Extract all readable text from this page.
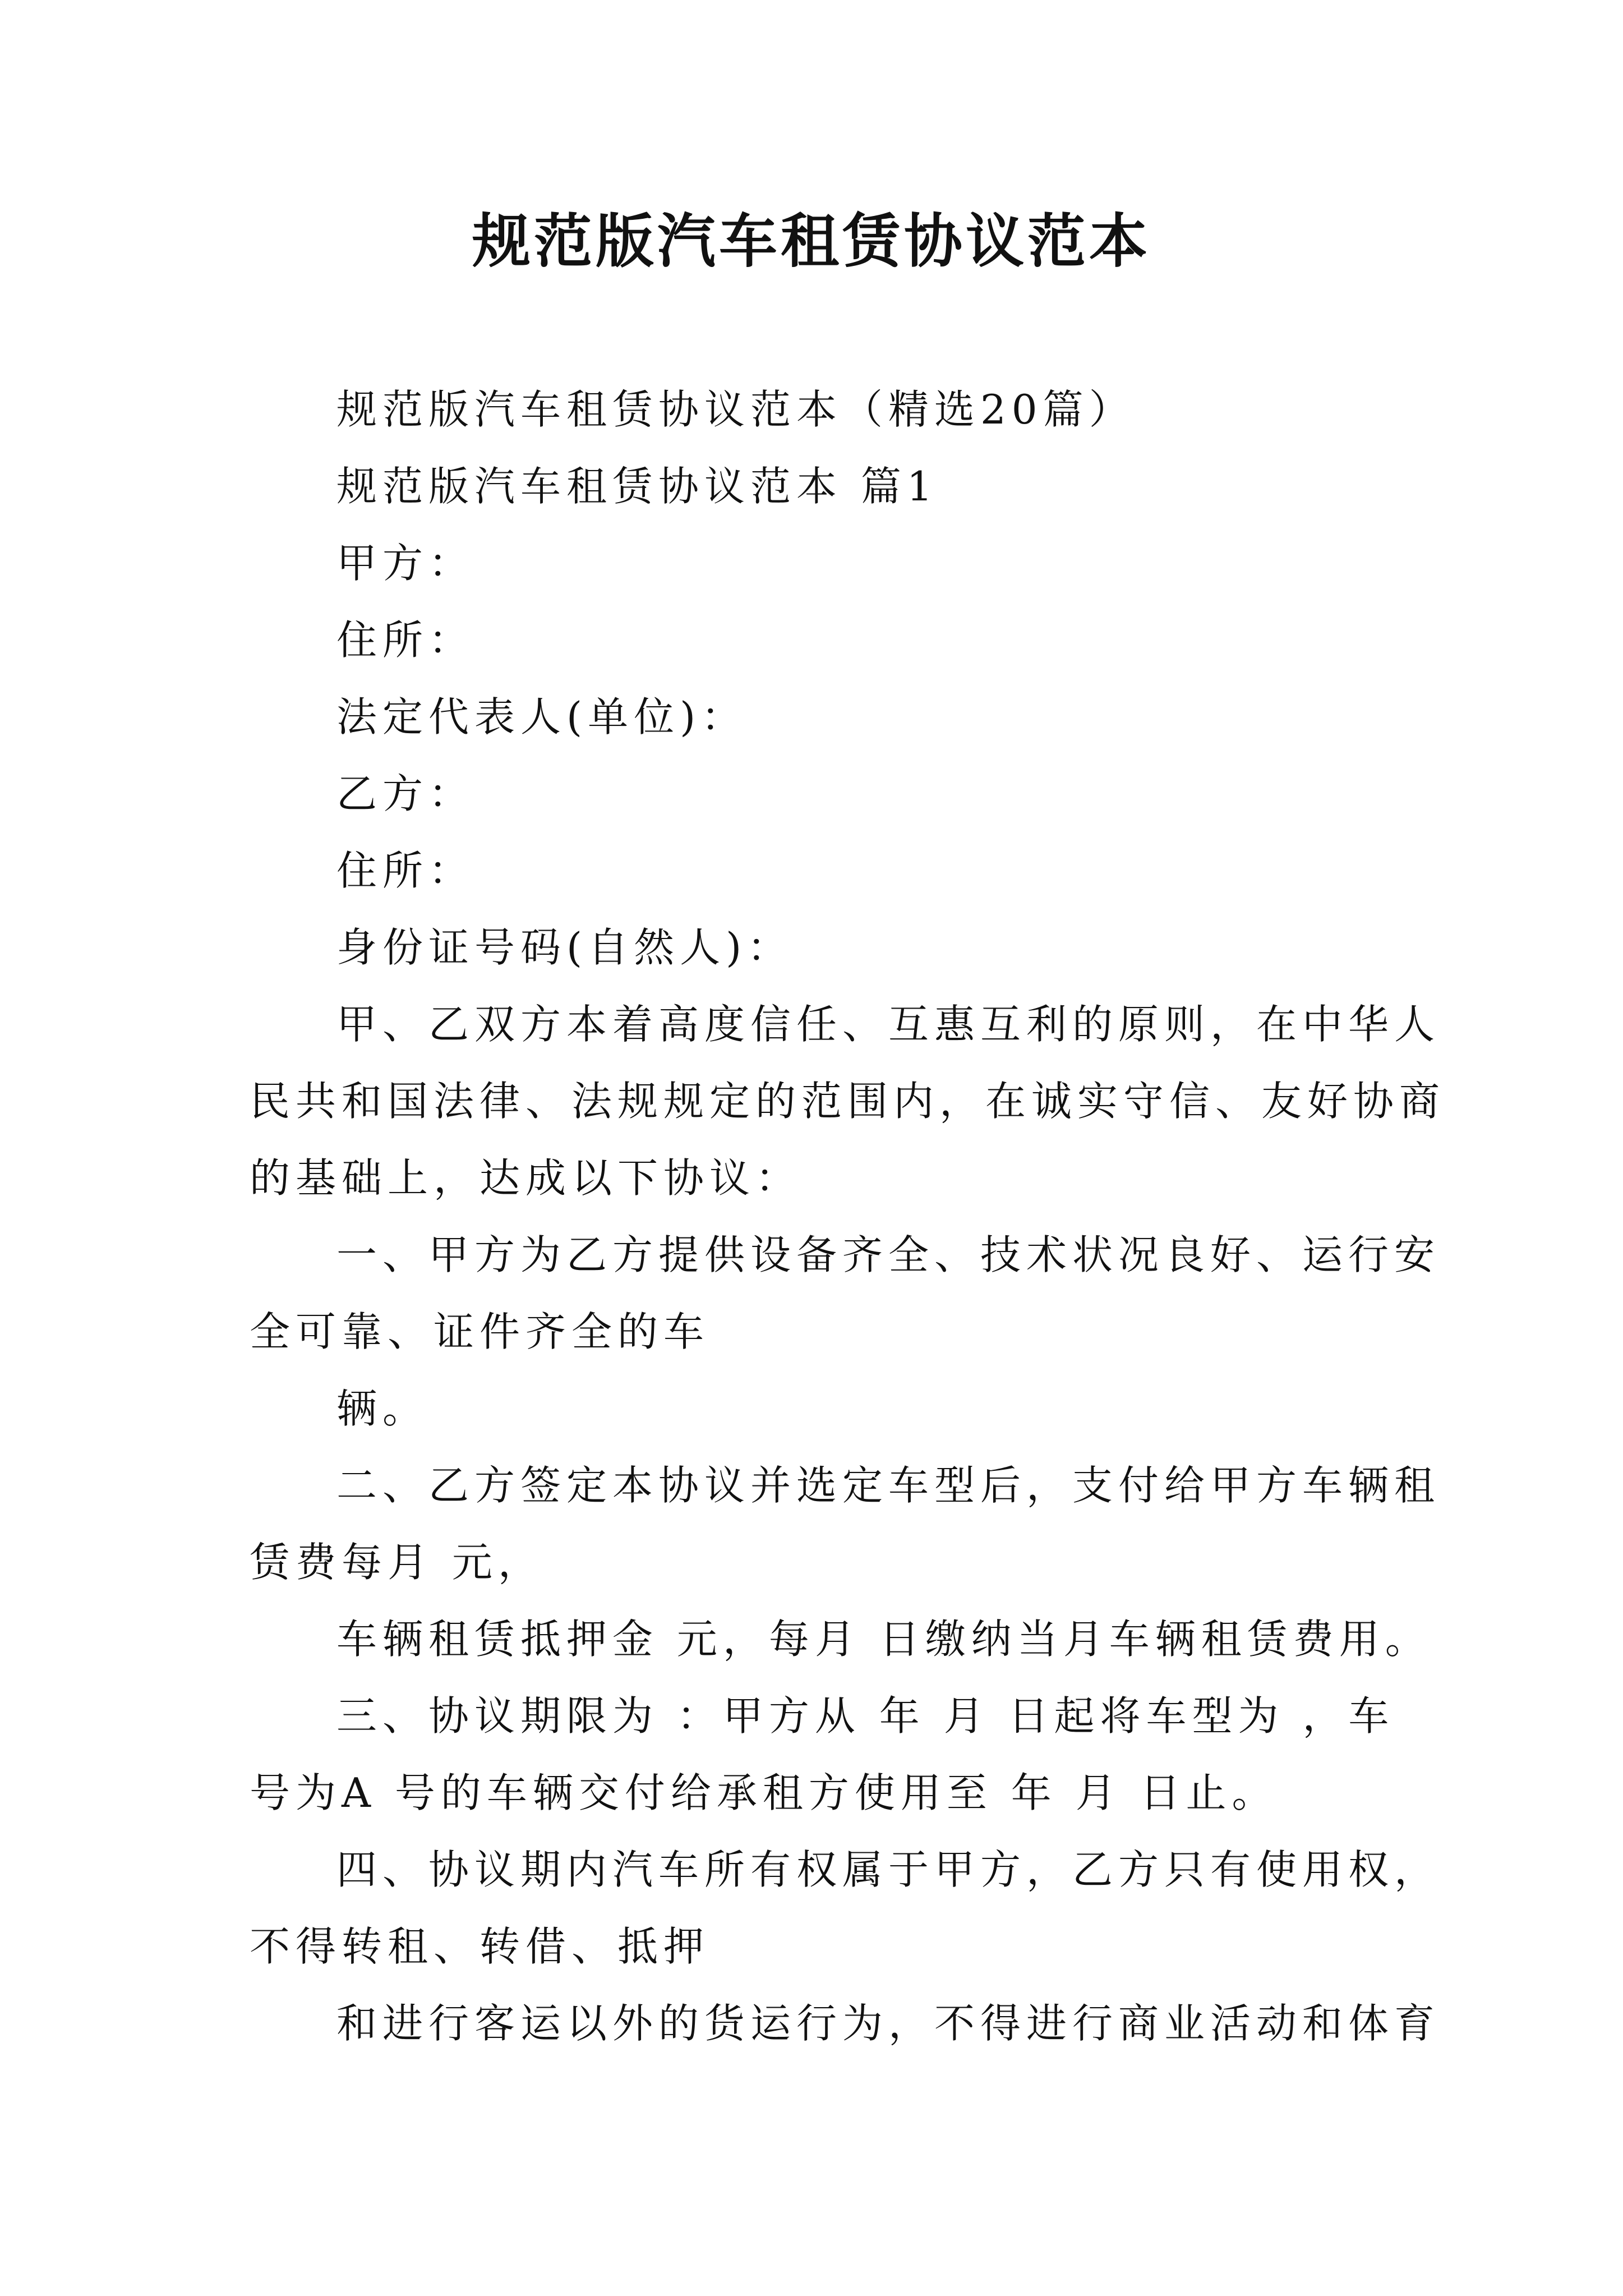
规范版汽车租赁协议范本
规范版汽车租赁协议范本（精选20篇）
规范版汽车租赁协议范本 篇1
甲方：
住所：
法定代表人(单位)：
乙方：
住所：
身份证号码(自然人)：
甲、乙双方本着高度信任、互惠互利的原则，在中华人
民共和国法律、法规规定的范围内，在诚实守信、友好协商
的基础上，达成以下协议：
一、甲方为乙方提供设备齐全、技术状况良好、运行安
全可靠、证件齐全的车
辆。
二、乙方签定本协议并选定车型后，支付给甲方车辆租
赁费每月 元，
车辆租赁抵押金 元，每月 日缴纳当月车辆租赁费用。
三、协议期限为 ：甲方从 年 月 日起将车型为 ，车
号为A 号的车辆交付给承租方使用至 年 月 日止。
四、协议期内汽车所有权属于甲方，乙方只有使用权，
不得转租、转借、抵押
和进行客运以外的货运行为，不得进行商业活动和体育
